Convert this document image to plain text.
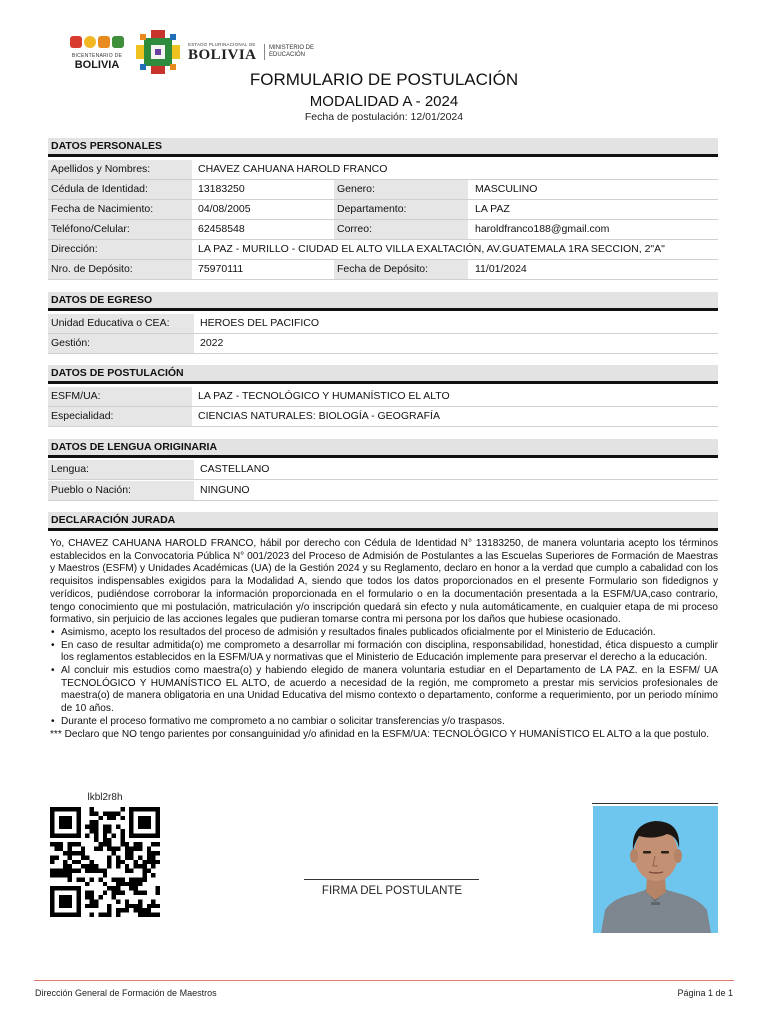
BICENTENARIO DE
BOLIVIA
ESTADO PLURINACIONAL DE
BOLIVIA MINISTERIO DE EDUCACIÓN
FORMULARIO DE POSTULACIÓN
MODALIDAD A - 2024
Fecha de postulación: 12/01/2024
DATOS PERSONALES
Apellidos y Nombres:	CHAVEZ CAHUANA HAROLD FRANCO
Cédula de Identidad:	13183250	Genero:	MASCULINO
Fecha de Nacimiento:	04/08/2005	Departamento:	LA PAZ
Teléfono/Celular:	62458548	Correo:	haroldfranco188@gmail.com
Dirección:	LA PAZ - MURILLO - CIUDAD EL ALTO VILLA EXALTACIÓN, AV.GUATEMALA 1RA SECCION, 2"A"
Nro. de Depósito:	75970111	Fecha de Depósito:	11/01/2024
DATOS DE EGRESO
Unidad Educativa o CEA:	HEROES DEL PACIFICO
Gestión:	2022
DATOS DE POSTULACIÓN
ESFM/UA:	LA PAZ - TECNOLÓGICO Y HUMANÍSTICO EL ALTO
Especialidad:	CIENCIAS NATURALES: BIOLOGÍA - GEOGRAFÍA
DATOS DE LENGUA ORIGINARIA
Lengua:	CASTELLANO
Pueblo o Nación:	NINGUNO
DECLARACIÓN JURADA

Yo, CHAVEZ CAHUANA HAROLD FRANCO, hábil por derecho con Cédula de Identidad N° 13183250, de manera voluntaria acepto los términos establecidos en la Convocatoria Pública N° 001/2023 del Proceso de Admisión de Postulantes a las Escuelas Superiores de Formación de Maestras y Maestros (ESFM) y Unidades Académicas (UA) de la Gestión 2024 y su Reglamento, declaro en honor a la verdad que cumplo a cabalidad con los requisitos indispensables exigidos para la Modalidad A, siendo que todos los datos proporcionados en el presente Formulario son fidedignos y verídicos, pudiéndose corroborar la información proporcionada en el formulario o en la documentación presentada a la ESFM/UA,caso contrario, tengo conocimiento que mi postulación, matriculación y/o inscripción quedará sin efecto y nula automáticamente, en cualquier etapa de mi proceso formativo, sin perjuicio de las acciones legales que pudieran tomarse contra mi persona por los daños que hubiese ocasionado.

• Asimismo, acepto los resultados del proceso de admisión y resultados finales publicados oficialmente por el Ministerio de Educación.
• En caso de resultar admitida(o) me comprometo a desarrollar mi formación con disciplina, responsabilidad, honestidad, ética dispuesto a cumplir los reglamentos establecidos en la ESFM/UA y normativas que el Ministerio de Educación implemente para preservar el derecho a la educación.
• Al concluir mis estudios como maestra(o) y habiendo elegido de manera voluntaria estudiar en el Departamento de LA PAZ. en la ESFM/ UA TECNOLÓGICO Y HUMANÍSTICO EL ALTO, de acuerdo a necesidad de la región, me comprometo a prestar mis servicios profesionales de maestra(o) de manera obligatoria en una Unidad Educativa del mismo contexto o departamento, conforme a requerimiento, por un periodo mínimo de 10 años.
• Durante el proceso formativo me comprometo a no cambiar o solicitar transferencias y/o traspasos.

*** Declaro que NO tengo parientes por consanguinidad y/o afinidad en la ESFM/UA: TECNOLÓGICO Y HUMANÍSTICO EL ALTO a la que postulo.

lkbl2r8h
FIRMA DEL POSTULANTE
Dirección General de Formación de Maestros	Página 1 de 1
